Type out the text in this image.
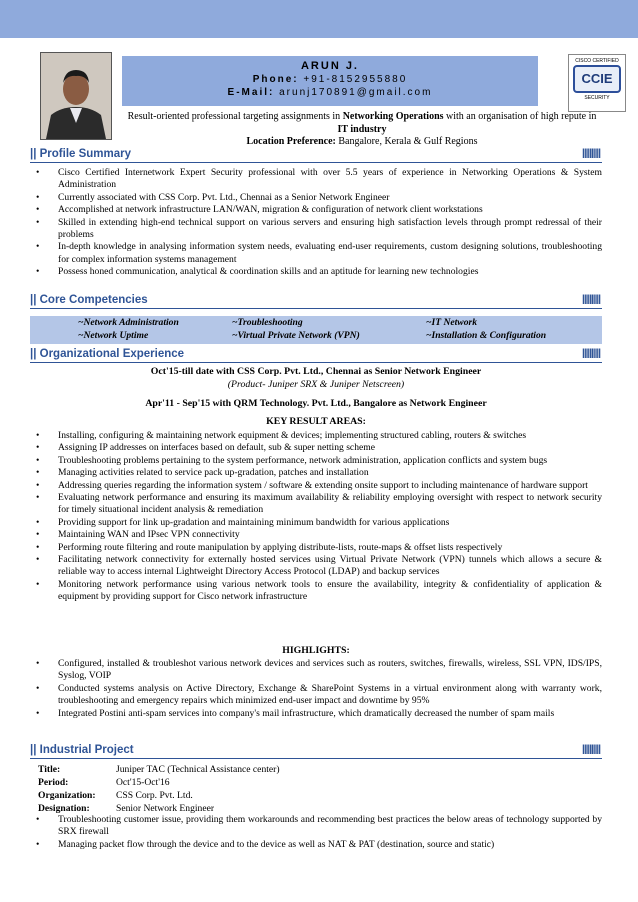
ARUN J.
Phone: +91-8152955880
E-Mail: arunj170891@gmail.com
CISCO CERTIFIED
CCIE
SECURITY
Result-oriented professional targeting assignments in Networking Operations with an organisation of high repute in IT industry
Location Preference: Bangalore, Kerala & Gulf Regions
|| Profile Summary	||||||||||
• Cisco Certified Internetwork Expert Security professional with over 5.5 years of experience in Networking Operations & System Administration
• Currently associated with CSS Corp. Pvt. Ltd., Chennai as a Senior Network Engineer
• Accomplished at network infrastructure LAN/WAN, migration & configuration of network client workstations
• Skilled in extending high-end technical support on various servers and ensuring high satisfaction levels through prompt redressal of their problems
• In-depth knowledge in analysing information system needs, evaluating end-user requirements, custom designing solutions, troubleshooting for complex information systems management
• Possess honed communication, analytical & coordination skills and an aptitude for learning new technologies
|| Core Competencies	||||||||||
~Network Administration	~Troubleshooting	~IT Network
~Network Uptime	~Virtual Private Network (VPN)	~Installation & Configuration
|| Organizational Experience	||||||||||
Oct'15-till date with CSS Corp. Pvt. Ltd., Chennai as Senior Network Engineer
(Product- Juniper SRX & Juniper Netscreen)
Apr'11 - Sep'15 with QRM Technology. Pvt. Ltd., Bangalore as Network Engineer
KEY RESULT AREAS:
• Installing, configuring & maintaining network equipment & devices; implementing structured cabling, routers & switches
• Assigning IP addresses on interfaces based on default, sub & super netting scheme
• Troubleshooting problems pertaining to the system performance, network administration, application conflicts and system bugs
• Managing activities related to service pack up-gradation, patches and installation
• Addressing queries regarding the information system / software & extending onsite support to including maintenance of hardware support
• Evaluating network performance and ensuring its maximum availability & reliability employing oversight with respect to network security for timely situational incident analysis & remediation
• Providing support for link up-gradation and maintaining minimum bandwidth for various applications
• Maintaining WAN and IPsec VPN connectivity
• Performing route filtering and route manipulation by applying distribute-lists, route-maps & offset lists respectively
• Facilitating network connectivity for externally hosted services using Virtual Private Network (VPN) tunnels which allows a secure & reliable way to access internal Lightweight Directory Access Protocol (LDAP) and backup services
• Monitoring network performance using various network tools to ensure the availability, integrity & confidentiality of application & equipment by providing support for Cisco network infrastructure
HIGHLIGHTS:
• Configured, installed & troubleshot various network devices and services such as routers, switches, firewalls, wireless, SSL VPN, IDS/IPS, Syslog, VOIP
• Conducted systems analysis on Active Directory, Exchange & SharePoint Systems in a virtual environment along with warranty work, troubleshooting and emergency repairs which minimized end-user impact and downtime by 95%
• Integrated Postini anti-spam services into company's mail infrastructure, which dramatically decreased the number of spam mails
|| Industrial Project	||||||||||
Title:	Juniper TAC (Technical Assistance center)
Period:	Oct'15-Oct'16
Organization: CSS Corp. Pvt. Ltd.
Designation:	Senior Network Engineer
• Troubleshooting customer issue, providing them workarounds and recommending best practices the below areas of technology supported by SRX firewall
• Managing packet flow through the device and to the device as well as NAT & PAT (destination, source and static)
